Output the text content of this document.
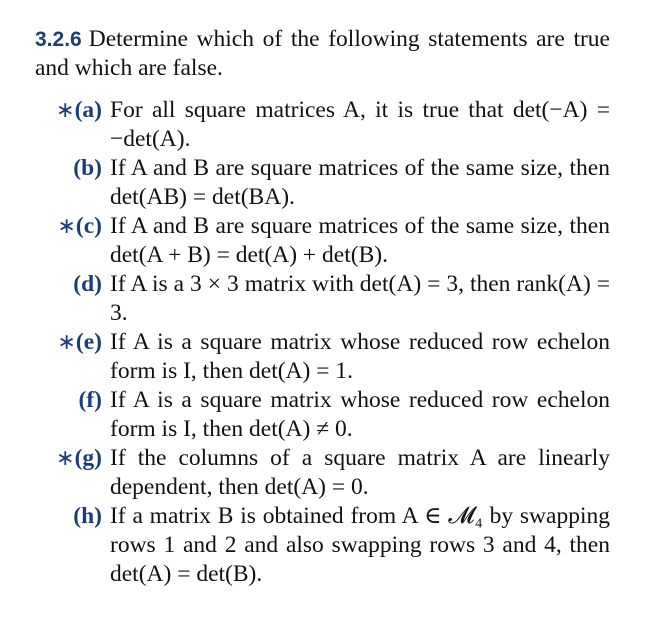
3.2.6 Determine which of the following statements are true and which are false.
∗(a) For all square matrices A, it is true that det(−A) = −det(A).
(b) If A and B are square matrices of the same size, then det(AB) = det(BA).
∗(c) If A and B are square matrices of the same size, then det(A + B) = det(A) + det(B).
(d) If A is a 3 × 3 matrix with det(A) = 3, then rank(A) = 3.
∗(e) If A is a square matrix whose reduced row echelon form is I, then det(A) = 1.
(f) If A is a square matrix whose reduced row echelon form is I, then det(A) ≠ 0.
∗(g) If the columns of a square matrix A are linearly dependent, then det(A) = 0.
(h) If a matrix B is obtained from A ∈ 𝓜₄ by swapping rows 1 and 2 and also swapping rows 3 and 4, then det(A) = det(B).
